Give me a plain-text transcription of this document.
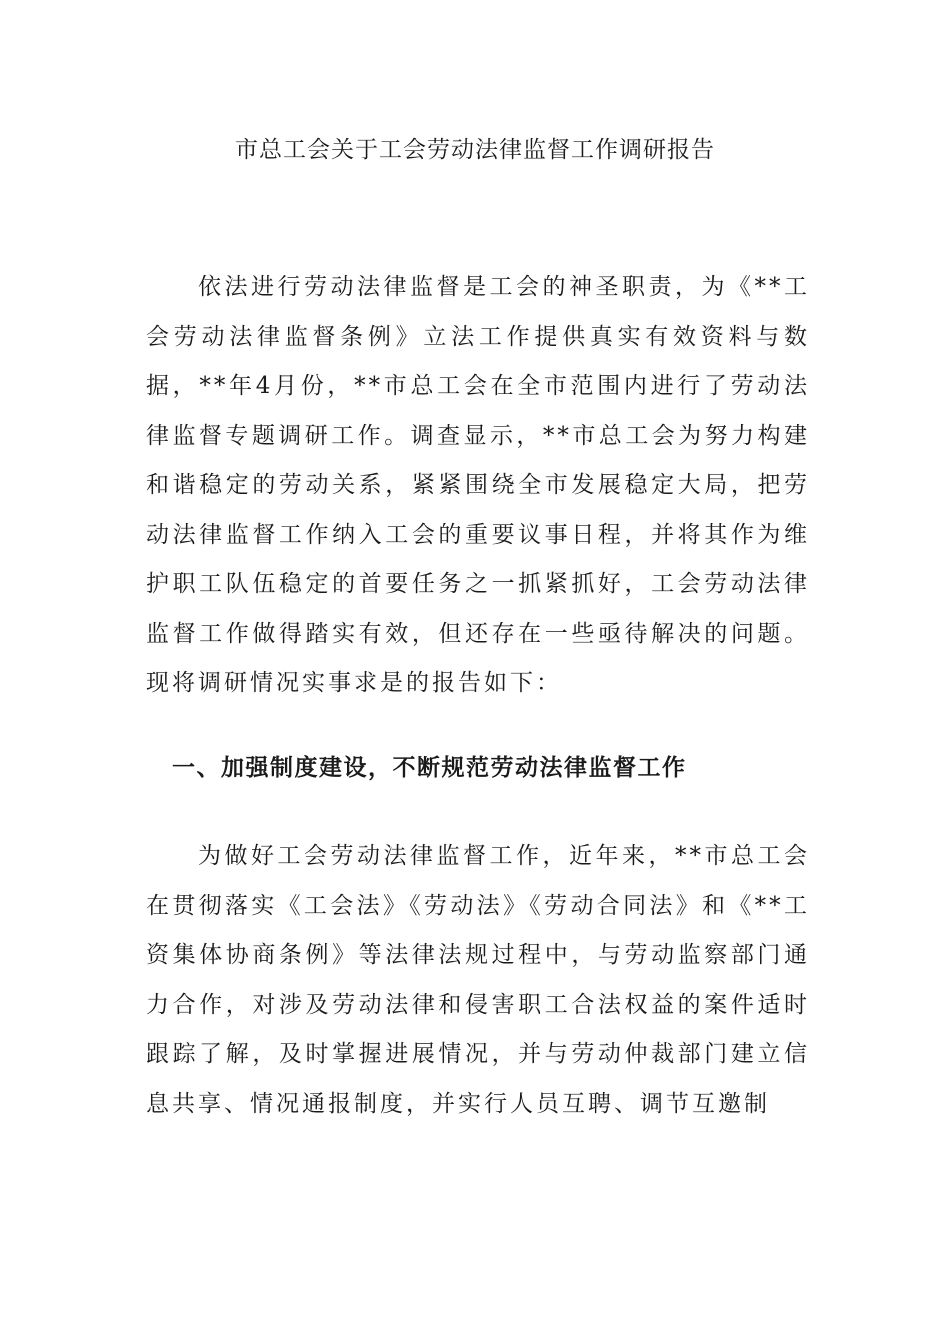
市总工会关于工会劳动法律监督工作调研报告

依法进行劳动法律监督是工会的神圣职责，为《**工会劳动法律监督条例》立法工作提供真实有效资料与数据，**年4月份，**市总工会在全市范围内进行了劳动法律监督专题调研工作。调查显示，**市总工会为努力构建和谐稳定的劳动关系，紧紧围绕全市发展稳定大局，把劳动法律监督工作纳入工会的重要议事日程，并将其作为维护职工队伍稳定的首要任务之一抓紧抓好，工会劳动法律监督工作做得踏实有效，但还存在一些亟待解决的问题。现将调研情况实事求是的报告如下：

一、加强制度建设，不断规范劳动法律监督工作

为做好工会劳动法律监督工作，近年来，**市总工会在贯彻落实《工会法》《劳动法》《劳动合同法》和《**工资集体协商条例》等法律法规过程中，与劳动监察部门通力合作，对涉及劳动法律和侵害职工合法权益的案件适时跟踪了解，及时掌握进展情况，并与劳动仲裁部门建立信息共享、情况通报制度，并实行人员互聘、调节互邀制
